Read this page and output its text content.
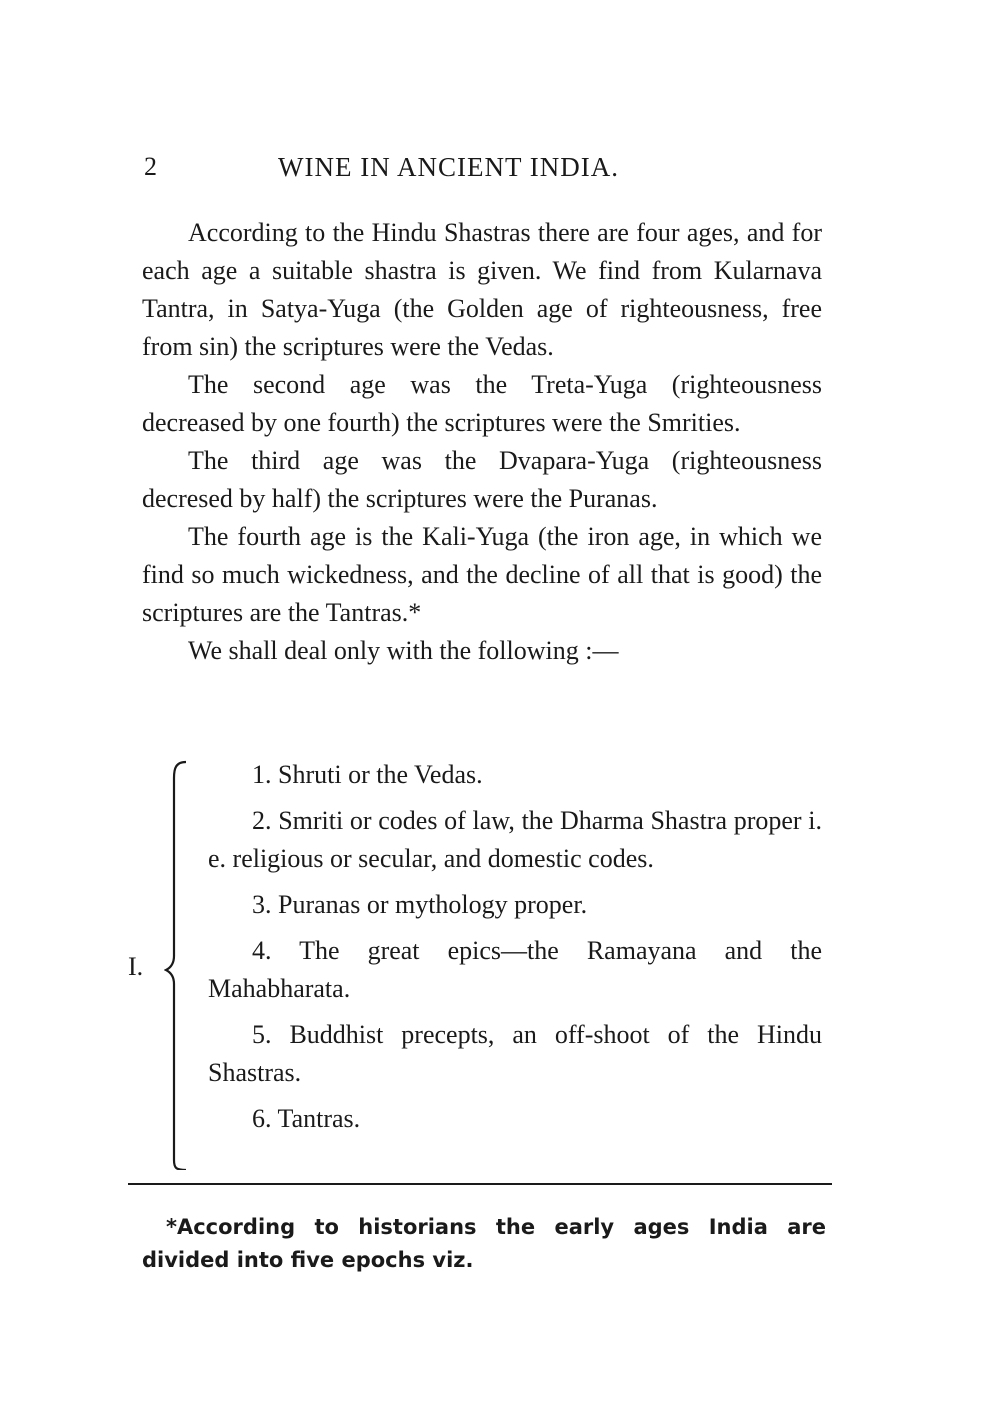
2	WINE IN ANCIENT INDIA.

According to the Hindu Shastras there are four ages, and for each age a suitable shastra is given. We find from Kularnava Tantra, in Satya-Yuga (the Golden age of righteousness, free from sin) the scriptures were the Vedas.

The second age was the Treta-Yuga (righteousness decreased by one fourth) the scriptures were the Smrities.

The third age was the Dvapara-Yuga (righteousness decresed by half) the scriptures were the Puranas.

The fourth age is the Kali-Yuga (the iron age, in which we find so much wickedness, and the decline of all that is good) the scriptures are the Tantras.*

We shall deal only with the following :—

I.

1. Shruti or the Vedas.

2. Smriti or codes of law, the Dharma Shastra proper i. e. religious or secular, and domestic codes.

3. Puranas or mythology proper.

4. The great epics—the Ramayana and the Mahabharata.

5. Buddhist precepts, an off-shoot of the Hindu Shastras.

6. Tantras.

*According to historians the early ages India are divided into five epochs viz.
